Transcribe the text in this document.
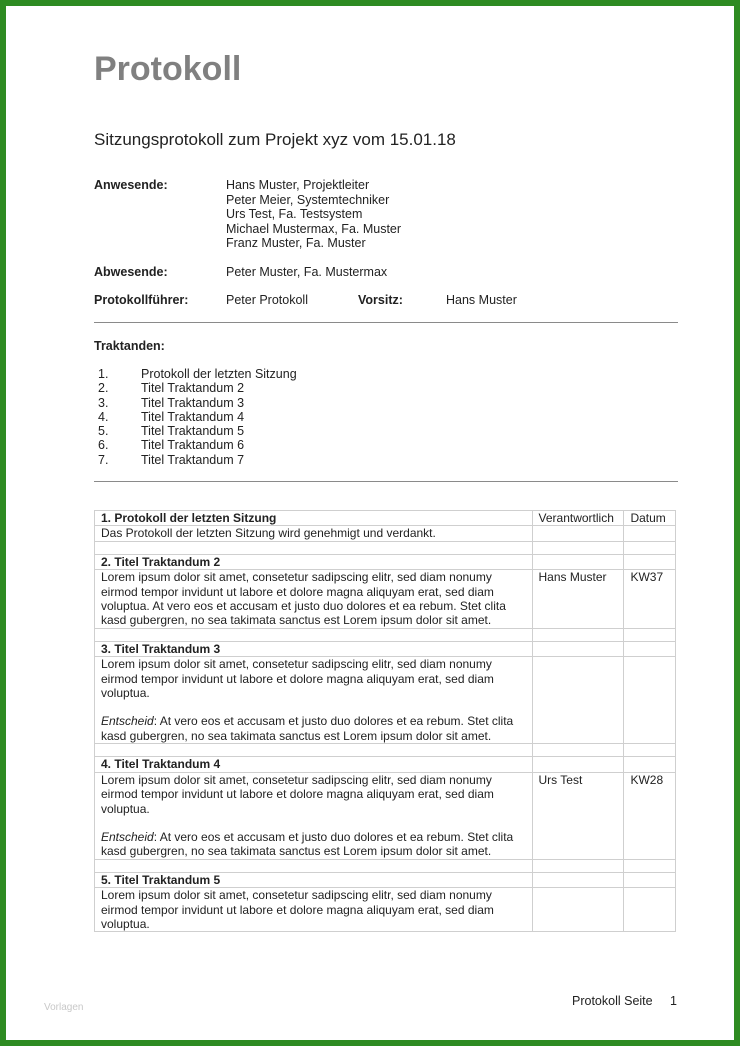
Protokoll
Sitzungsprotokoll zum Projekt xyz vom 15.01.18
Anwesende:	Hans Muster, Projektleiter
Peter Meier, Systemtechniker
Urs Test, Fa. Testsystem
Michael Mustermax, Fa. Muster
Franz Muster, Fa. Muster
Abwesende:	Peter Muster, Fa. Mustermax
Protokollführer:	Peter Protokoll	Vorsitz:	Hans Muster
Traktanden:
1.	Protokoll der letzten Sitzung
2.	Titel Traktandum 2
3.	Titel Traktandum 3
4.	Titel Traktandum 4
5.	Titel Traktandum 5
6.	Titel Traktandum 6
7.	Titel Traktandum 7
1. Protokoll der letzten Sitzung	Verantwortlich	Datum
Das Protokoll der letzten Sitzung wird genehmigt und verdankt.		

2. Titel Traktandum 2		
Lorem ipsum dolor sit amet, consetetur sadipscing elitr, sed diam nonumy eirmod tempor invidunt ut labore et dolore magna aliquyam erat, sed diam voluptua. At vero eos et accusam et justo duo dolores et ea rebum. Stet clita kasd gubergren, no sea takimata sanctus est Lorem ipsum dolor sit amet.	Hans Muster	KW37

3. Titel Traktandum 3		

Lorem ipsum dolor sit amet, consetetur sadipscing elitr, sed diam nonumy eirmod tempor invidunt ut labore et dolore magna aliquyam erat, sed diam voluptua.
Entscheid: At vero eos et accusam et justo duo dolores et ea rebum. Stet clita kasd gubergren, no sea takimata sanctus est Lorem ipsum dolor sit amet.		

4. Titel Traktandum 4		

Lorem ipsum dolor sit amet, consetetur sadipscing elitr, sed diam nonumy eirmod tempor invidunt ut labore et dolore magna aliquyam erat, sed diam voluptua.
Entscheid: At vero eos et accusam et justo duo dolores et ea rebum. Stet clita kasd gubergren, no sea takimata sanctus est Lorem ipsum dolor sit amet.	Urs Test	KW28

5. Titel Traktandum 5		
Lorem ipsum dolor sit amet, consetetur sadipscing elitr, sed diam nonumy eirmod tempor invidunt ut labore et dolore magna aliquyam erat, sed diam voluptua.		
Vorlagen	Protokoll Seite 1
